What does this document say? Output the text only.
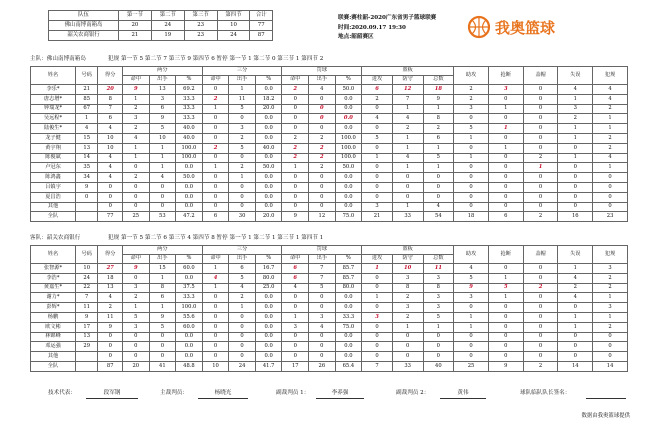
队伍	第一节	第二节	第三节	第四节	合计
佛山南博南箱岛	20	24	23	10	77
韶关农商银行	21	19	23	24	87
联赛:赛柱韶-2020广东省男子篮球联赛
时间:2020.09.17 19:30
地点:韶韶赛区	我奥篮球
主队：佛山南博南箱岛	犯规 第一节 5 第二节 7 第三节 9 第四节 6 暂停 第一节 1 第二节 0 第三节 1 第四节 2
姓名	号码	得分	两分			三分			罚球			篮板			助攻	抢断	盖帽	失误	犯规
			命中	出手	%	命中	出手	%	命中	出手	%	进攻	防守	总数					
李乐*	21	20	9	13	69.2	0	1	0.0	2	4	50.0	6	12	18	2	3	0	4	4
唐志增*	85	8	1	3	33.3	2	11	18.2	0	0	0.0	2	7	9	2	0	0	1	4
钟瑞龙*	67	7	2	6	33.3	1	5	20.0	0	0	0.0	0	1	1	3	1	0	3	2
吴远程*	1	6	3	9	33.3	0	0	0.0	0	0	0.0	4	4	8	0	0	0	2	1
陆俊生*	4	4	2	5	40.0	0	3	0.0	0	0	0.0	0	2	2	5	1	0	1	1
龙子健	15	10	4	10	40.0	0	2	0.0	2	2	100.0	5	1	6	1	0	0	1	2
黄宇翔	13	10	1	1	100.0	2	5	40.0	2	2	100.0	0	1	1	0	1	0	0	2
陈俊斌	14	4	1	1	100.0	0	0	0.0	2	2	100.0	1	4	5	1	0	2	1	4
卢冠东	35	4	0	1	0.0	1	2	50.0	1	2	50.0	0	1	1	0	0	1	0	1
陈鸿鑫	34	4	2	4	50.0	0	1	0.0	0	0	0.0	0	0	0	0	0	0	0	0
吕镇宇	9	0	0	0	0.0	0	0	0.0	0	0	0.0	0	0	0	0	0	0	0	0
夏昌浩	0	0	0	0	0.0	0	0	0.0	0	0	0.0	0	0	0	0	0	0	0	0
其他		0	0	0	0.0	0	0	0.0	0	0	0.0	3	1	4	0	0	0	0	0
全队		77	25	53	47.2	6	30	20.0	9	12	75.0	21	33	54	18	6	2	16	23
客队：韶关农商银行	犯规 第一节 5 第二节 6 第三节 4 第四节 8 暂停 第一节 1 第二节 1 第三节 1 第四节 1
姓名	号码	得分	两分			三分			罚球			篮板			助攻	抢断	盖帽	失误	犯规
			命中	出手	%	命中	出手	%	命中	出手	%	进攻	防守	总数					
张智源*	10	27	9	15	60.0	1	6	16.7	6	7	85.7	1	10	11	4	0	0	1	3
李浩*	24	18	0	1	0.0	4	5	80.0	6	7	85.7	0	3	3	5	1	0	4	2
黄嘉生*	22	13	3	8	37.5	1	4	25.0	4	5	80.0	0	8	8	9	5	2	2	2
谢力*	7	4	2	6	33.3	0	2	0.0	0	0	0.0	1	2	3	3	1	0	4	1
彭辉*	11	2	1	1	100.0	0	1	0.0	0	0	0.0	0	3	3	0	0	0	0	3
杨鹏	9	11	5	9	55.6	0	0	0.0	1	3	33.3	3	2	5	1	0	0	1	1
欧文彬	17	9	3	5	60.0	0	0	0.0	3	4	75.0	0	1	1	1	0	0	1	2
林锦峰	13	0	0	0	0.0	0	0	0.0	0	0	0.0	0	0	0	0	0	0	0	0
邓运强	29	0	0	0	0.0	0	0	0.0	0	0	0.0	0	0	0	0	0	0	0	0
其他		0	0	0	0.0	0	0	0.0	0	0	0.0	0	0	0	0	0	0	0	0
全队		87	20	41	48.8	10	24	41.7	17	26	65.4	7	33	40	25	9	2	14	14
技术代表：	段军钢	主裁判员：	杨晓光	副裁判员 1：	李养强	副裁判员 2：	黄伟	球队临队队长签名：
数据由我奥篮球提供
